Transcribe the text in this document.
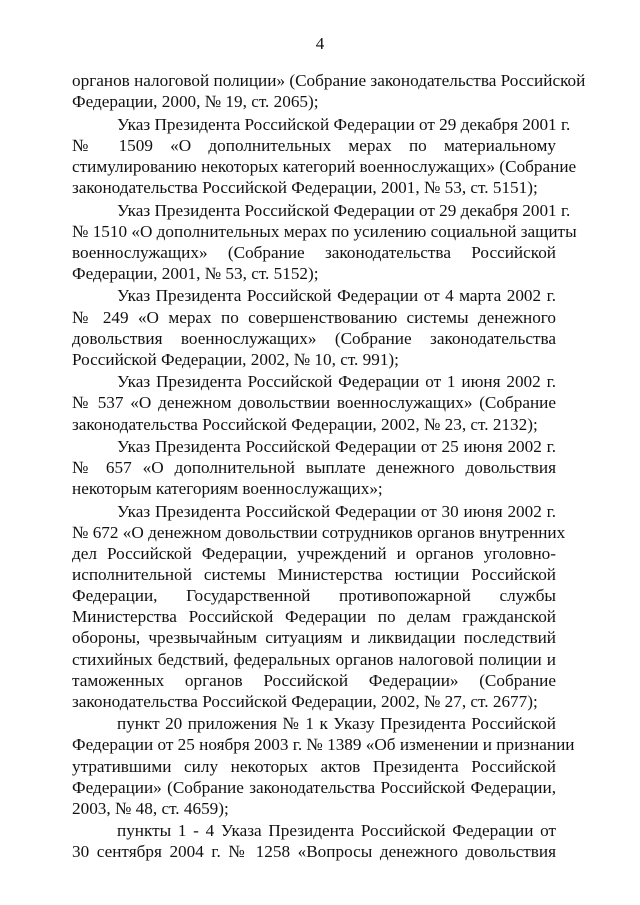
4
органов налоговой полиции» (Собрание законодательства Российской
Федерации, 2000, № 19, ст. 2065);
Указ Президента Российской Федерации от 29 декабря 2001 г.
№ 1509 «О дополнительных мерах по материальному
стимулированию некоторых категорий военнослужащих» (Собрание
законодательства Российской Федерации, 2001, № 53, ст. 5151);
Указ Президента Российской Федерации от 29 декабря 2001 г.
№ 1510 «О дополнительных мерах по усилению социальной защиты
военнослужащих» (Собрание законодательства Российской
Федерации, 2001, № 53, ст. 5152);
Указ Президента Российской Федерации от 4 марта 2002 г.
№ 249 «О мерах по совершенствованию системы денежного
довольствия военнослужащих» (Собрание законодательства
Российской Федерации, 2002, № 10, ст. 991);
Указ Президента Российской Федерации от 1 июня 2002 г.
№ 537 «О денежном довольствии военнослужащих» (Собрание
законодательства Российской Федерации, 2002, № 23, ст. 2132);
Указ Президента Российской Федерации от 25 июня 2002 г.
№ 657 «О дополнительной выплате денежного довольствия
некоторым категориям военнослужащих»;
Указ Президента Российской Федерации от 30 июня 2002 г.
№ 672 «О денежном довольствии сотрудников органов внутренних
дел Российской Федерации, учреждений и органов уголовно-
исполнительной системы Министерства юстиции Российской
Федерации, Государственной противопожарной службы
Министерства Российской Федерации по делам гражданской
обороны, чрезвычайным ситуациям и ликвидации последствий
стихийных бедствий, федеральных органов налоговой полиции и
таможенных органов Российской Федерации» (Собрание
законодательства Российской Федерации, 2002, № 27, ст. 2677);
пункт 20 приложения № 1 к Указу Президента Российской
Федерации от 25 ноября 2003 г. № 1389 «Об изменении и признании
утратившими силу некоторых актов Президента Российской
Федерации» (Собрание законодательства Российской Федерации,
2003, № 48, ст. 4659);
пункты 1 - 4 Указа Президента Российской Федерации от
30 сентября 2004 г. № 1258 «Вопросы денежного довольствия
